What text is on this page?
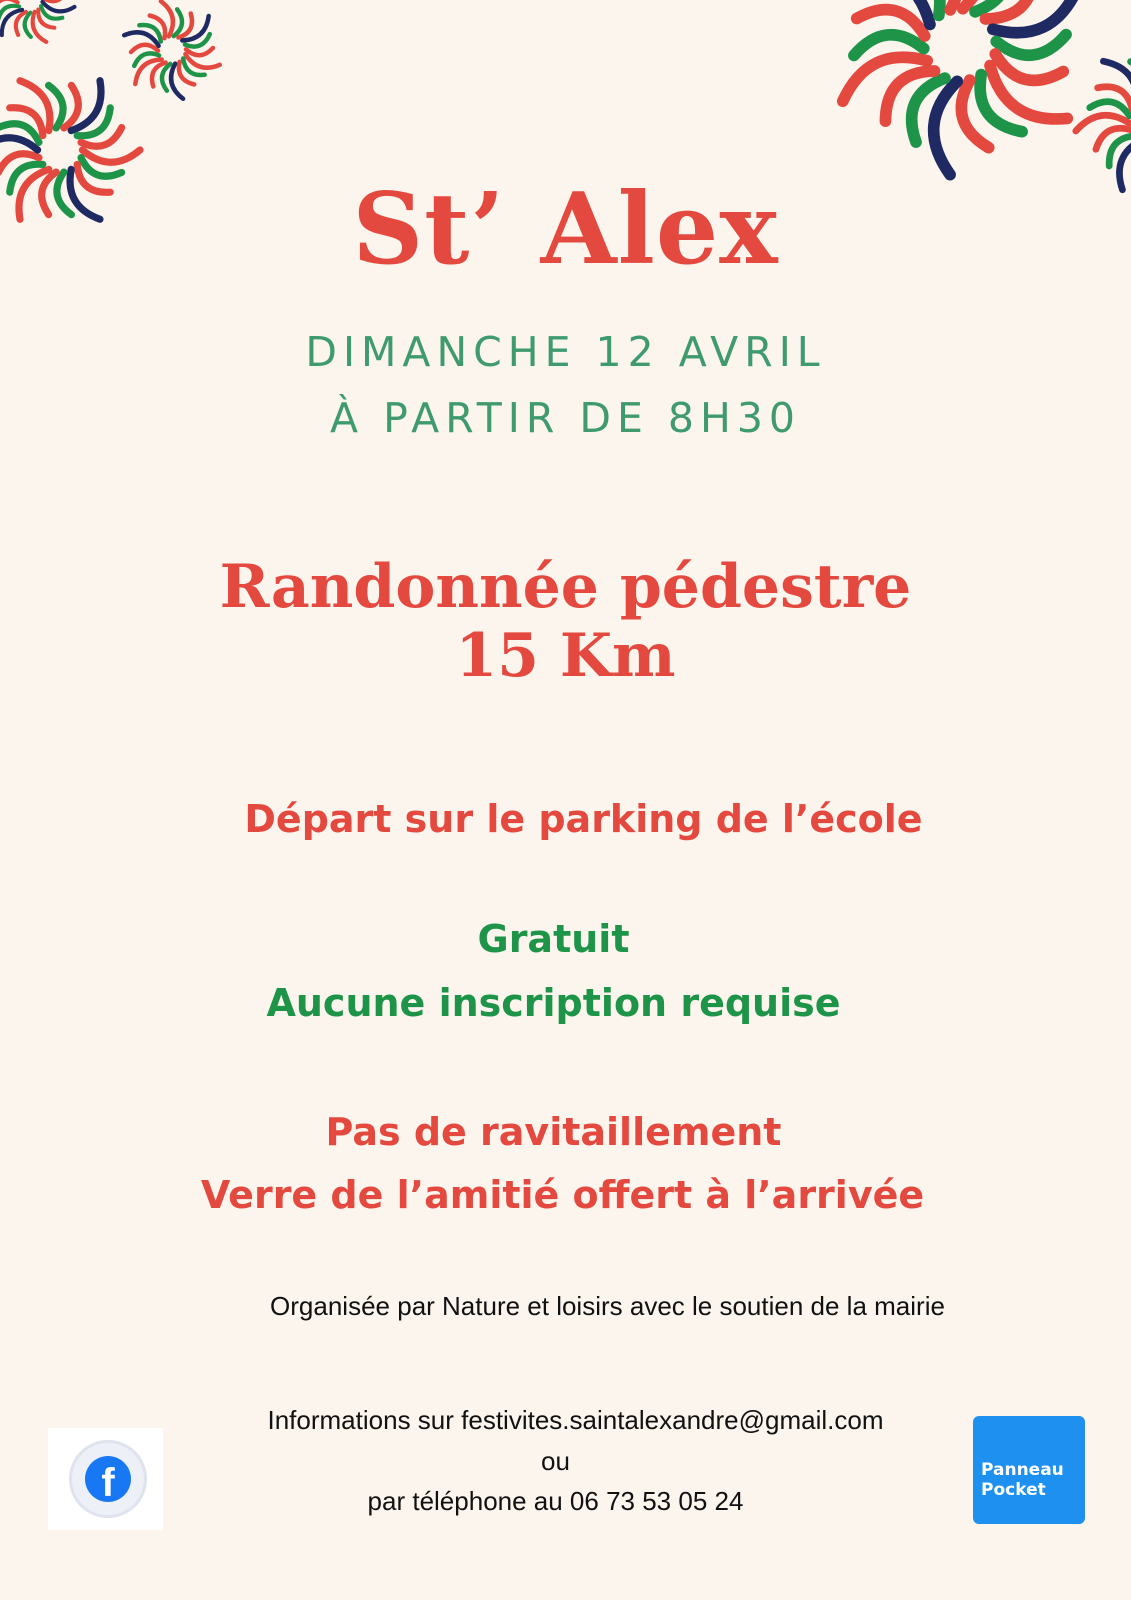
St’ Alex
DIMANCHE 12 AVRIL
À PARTIR DE 8H30
Randonnée pédestre
15 Km
Départ sur le parking de l’école
Gratuit
Aucune inscription requise
Pas de ravitaillement
Verre de l’amitié offert à l’arrivée
Organisée par Nature et loisirs avec le soutien de la mairie
Informations sur festivites.saintalexandre@gmail.com
ou
par téléphone au 06 73 53 05 24
f	Panneau
Pocket
